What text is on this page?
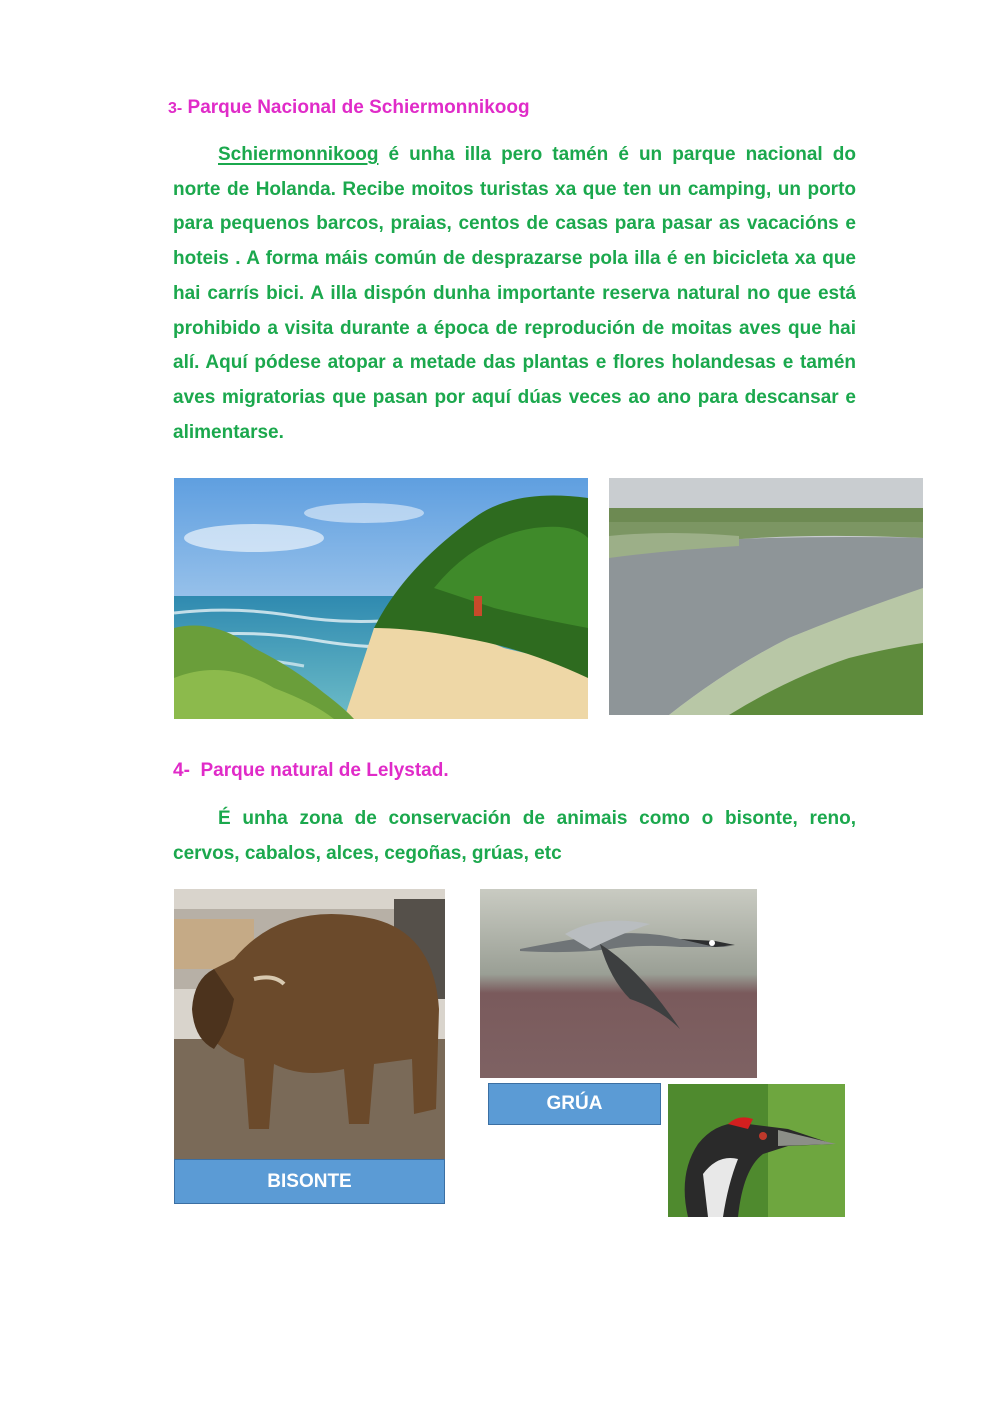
3- Parque Nacional de Schiermonnikoog
Schiermonnikoog é unha illa pero tamén é un parque nacional do norte de Holanda. Recibe moitos turistas xa que ten un camping, un porto para pequenos barcos, praias, centos de casas para pasar as vacacións e hoteis . A forma máis común de desprazarse pola illa é en bicicleta xa que hai carrís bici. A illa dispón dunha importante reserva natural no que está prohibido a visita durante a época de reprodución de moitas aves que hai alí. Aquí pódese atopar a metade das plantas e flores holandesas e tamén aves migratorias que pasan por aquí dúas veces ao ano para descansar e alimentarse.
4- Parque natural de Lelystad.
É unha zona de conservación de animais como o bisonte, reno, cervos, cabalos, alces, cegoñas, grúas, etc
BISONTE
GRÚA
